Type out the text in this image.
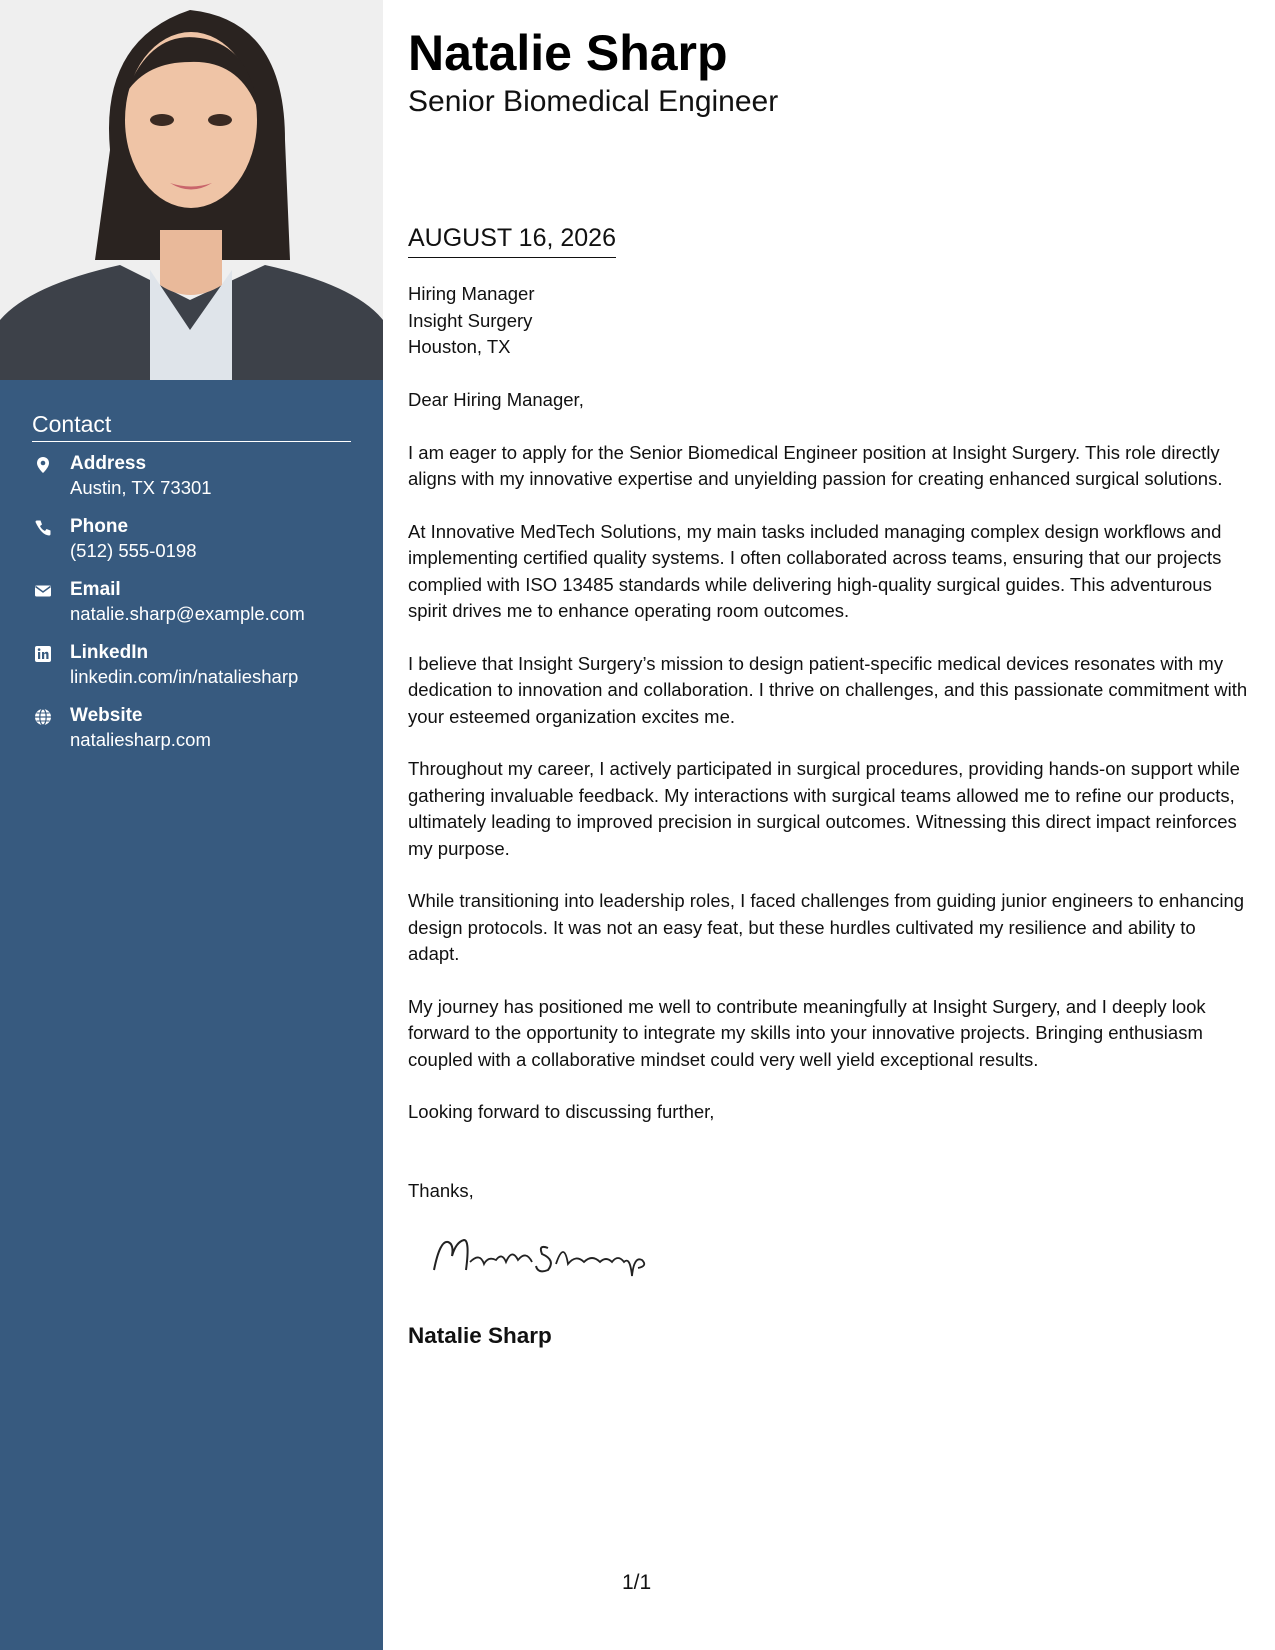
Contact
Address
Austin, TX 73301
Phone
(512) 555-0198
Email
natalie.sharp@example.com
LinkedIn
linkedin.com/in/nataliesharp
Website
nataliesharp.com
Natalie Sharp
Senior Biomedical Engineer
AUGUST 16, 2026
Hiring Manager
Insight Surgery
Houston, TX

Dear Hiring Manager,

I am eager to apply for the Senior Biomedical Engineer position at Insight Surgery. This role directly aligns with my innovative expertise and unyielding passion for creating enhanced surgical solutions.

At Innovative MedTech Solutions, my main tasks included managing complex design workflows and implementing certified quality systems. I often collaborated across teams, ensuring that our projects complied with ISO 13485 standards while delivering high-quality surgical guides. This adventurous spirit drives me to enhance operating room outcomes.

I believe that Insight Surgery’s mission to design patient-specific medical devices resonates with my dedication to innovation and collaboration. I thrive on challenges, and this passionate commitment with your esteemed organization excites me.

Throughout my career, I actively participated in surgical procedures, providing hands-on support while gathering invaluable feedback. My interactions with surgical teams allowed me to refine our products, ultimately leading to improved precision in surgical outcomes. Witnessing this direct impact reinforces my purpose.

While transitioning into leadership roles, I faced challenges from guiding junior engineers to enhancing design protocols. It was not an easy feat, but these hurdles cultivated my resilience and ability to adapt.

My journey has positioned me well to contribute meaningfully at Insight Surgery, and I deeply look forward to the opportunity to integrate my skills into your innovative projects. Bringing enthusiasm coupled with a collaborative mindset could very well yield exceptional results.

Looking forward to discussing further,

Thanks,
Natalie Sharp
1/1
